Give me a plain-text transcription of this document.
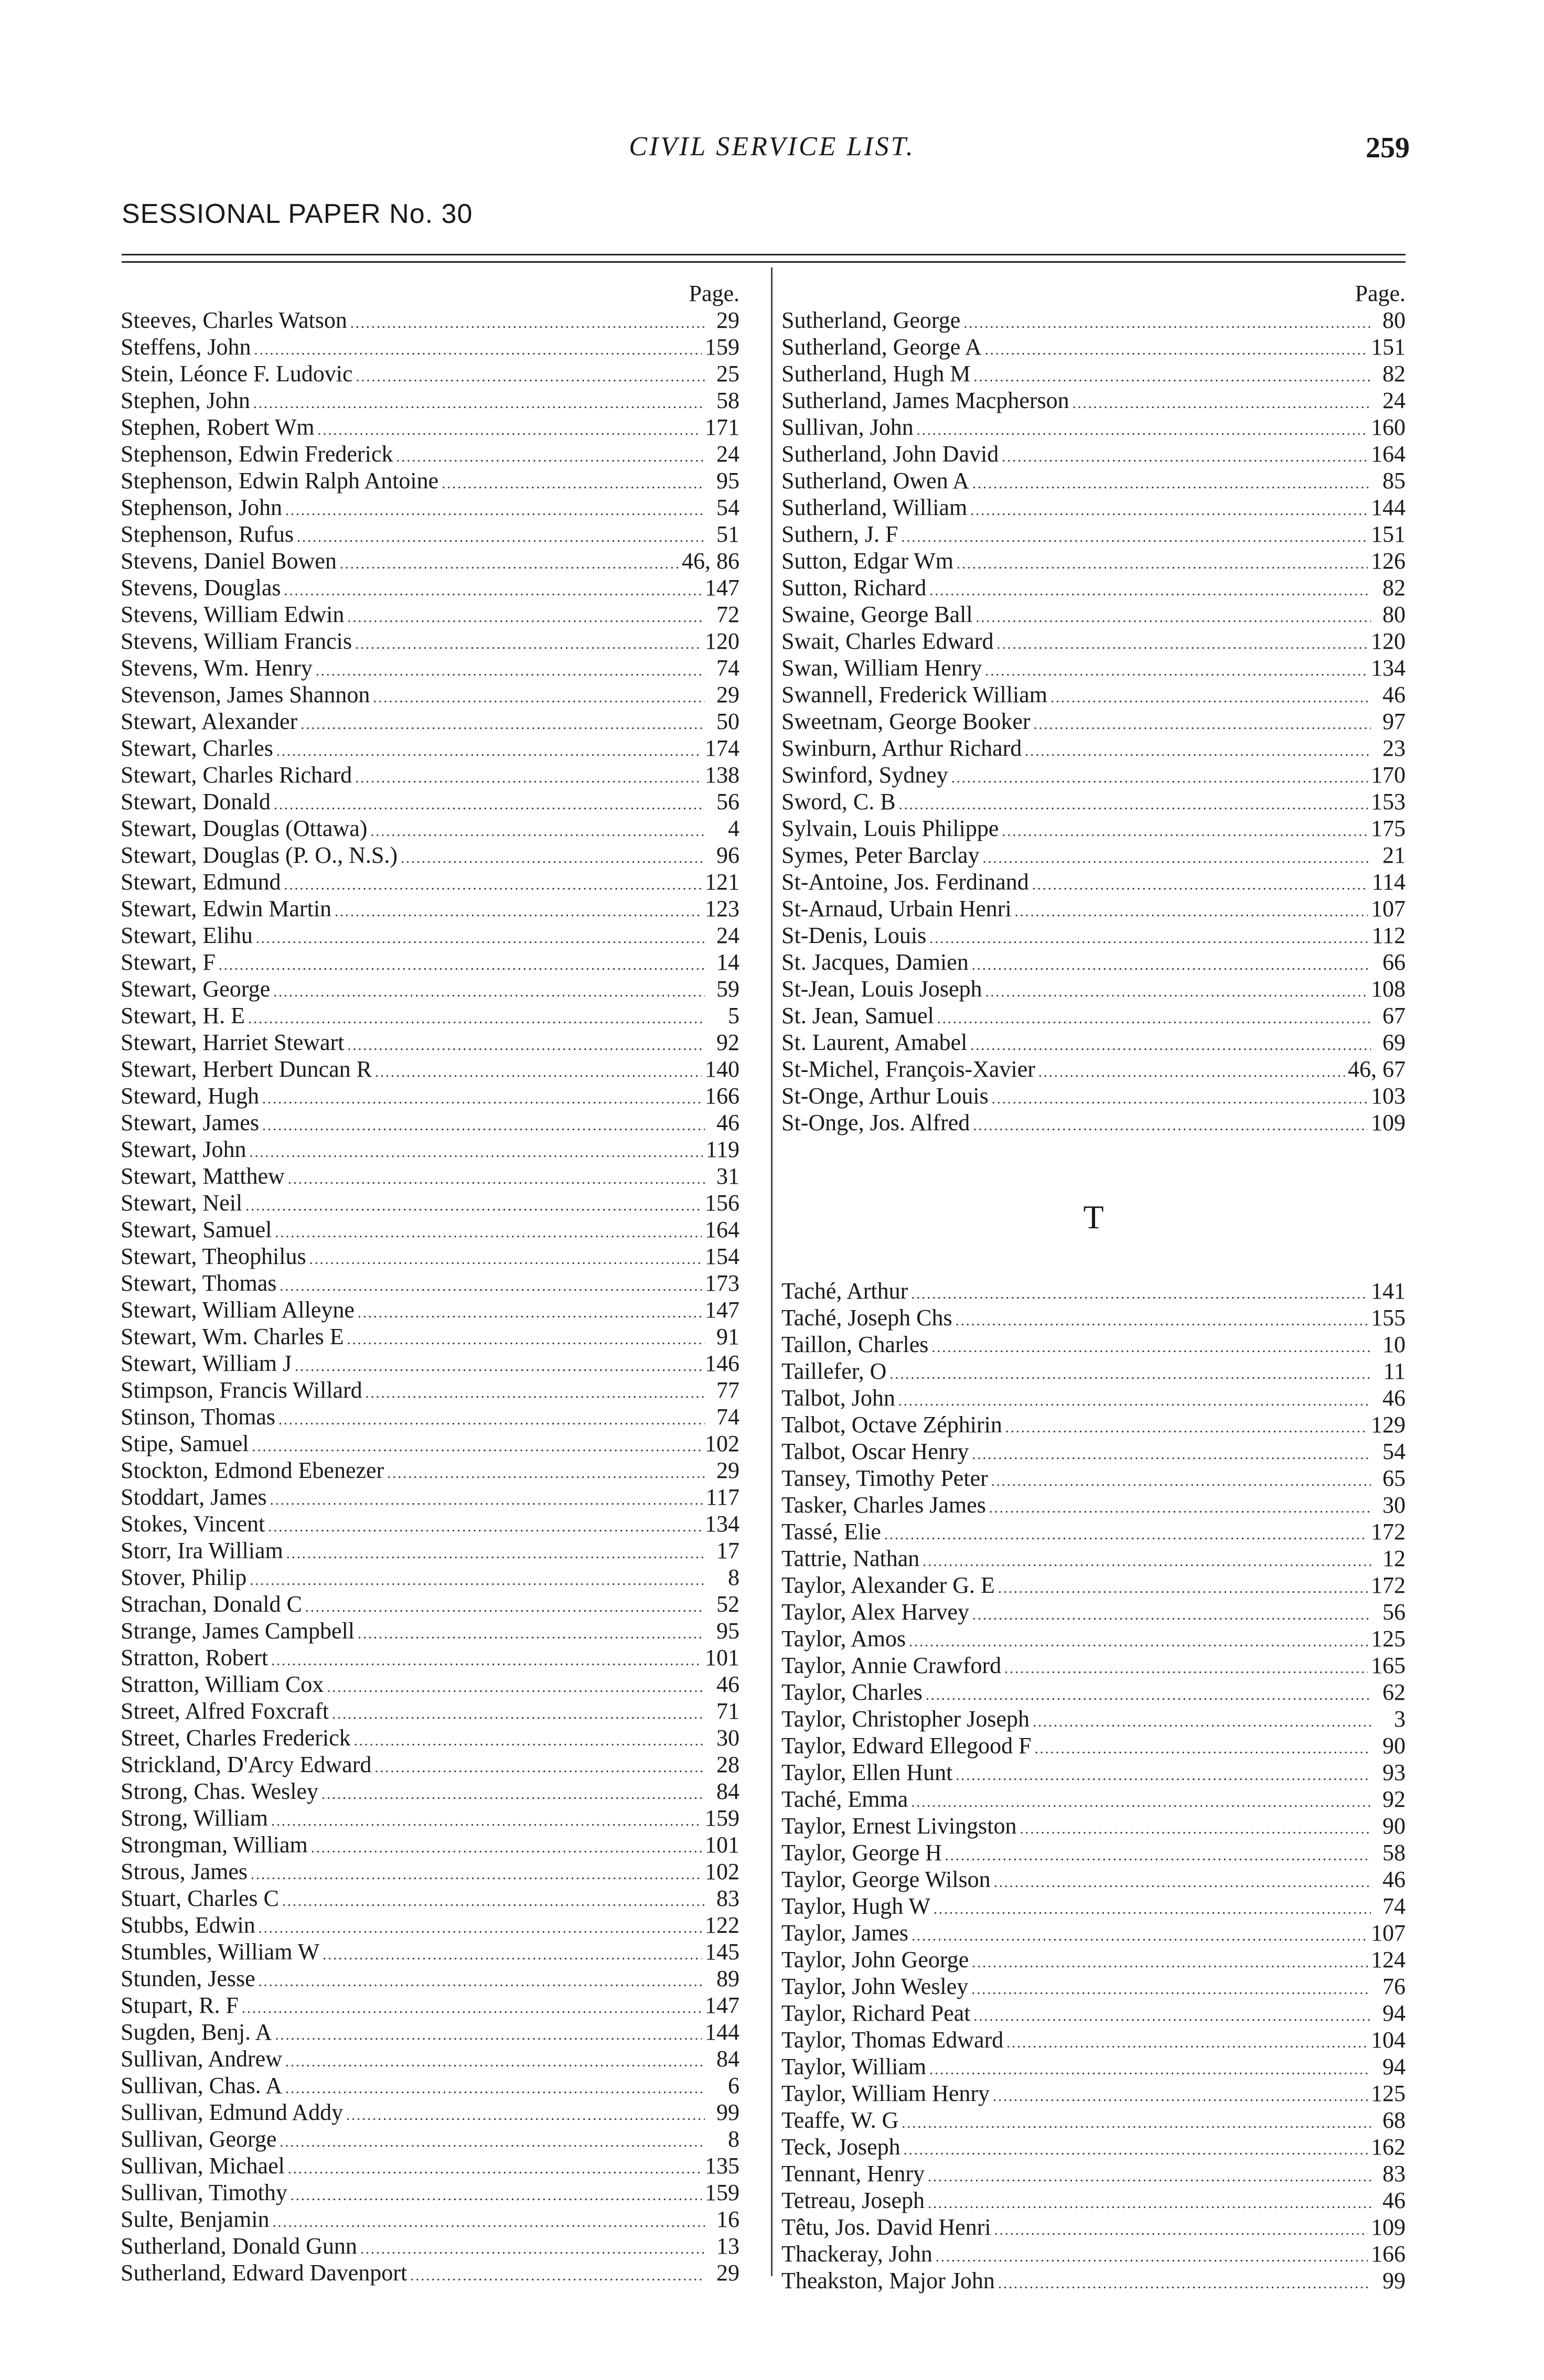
CIVIL SERVICE LIST.	259
SESSIONAL PAPER No. 30
Page.
Steeves, Charles Watson .....	29
Steffens, John .....	159
Stein, Léonce F. Ludovic .....	25
Stephen, John .....	58
Stephen, Robert Wm .....	171
Stephenson, Edwin Frederick .....	24
Stephenson, Edwin Ralph Antoine .....	95
Stephenson, John .....	54
Stephenson, Rufus .....	51
Stevens, Daniel Bowen .....	46, 86
Stevens, Douglas .....	147
Stevens, William Edwin .....	72
Stevens, William Francis .....	120
Stevens, Wm. Henry .....	74
Stevenson, James Shannon .....	29
Stewart, Alexander .....	50
Stewart, Charles .....	174
Stewart, Charles Richard .....	138
Stewart, Donald .....	56
Stewart, Douglas (Ottawa) .....	4
Stewart, Douglas (P. O., N.S.) .....	96
Stewart, Edmund .....	121
Stewart, Edwin Martin .....	123
Stewart, Elihu .....	24
Stewart, F .....	14
Stewart, George .....	59
Stewart, H. E .....	5
Stewart, Harriet Stewart .....	92
Stewart, Herbert Duncan R .....	140
Steward, Hugh .....	166
Stewart, James .....	46
Stewart, John .....	119
Stewart, Matthew .....	31
Stewart, Neil .....	156
Stewart, Samuel .....	164
Stewart, Theophilus .....	154
Stewart, Thomas .....	173
Stewart, William Alleyne .....	147
Stewart, Wm. Charles E .....	91
Stewart, William J .....	146
Stimpson, Francis Willard .....	77
Stinson, Thomas .....	74
Stipe, Samuel .....	102
Stockton, Edmond Ebenezer .....	29
Stoddart, James .....	117
Stokes, Vincent .....	134
Storr, Ira William .....	17
Stover, Philip .....	8
Strachan, Donald C .....	52
Strange, James Campbell .....	95
Stratton, Robert .....	101
Stratton, William Cox .....	46
Street, Alfred Foxcraft .....	71
Street, Charles Frederick .....	30
Strickland, D'Arcy Edward .....	28
Strong, Chas. Wesley .....	84
Strong, William .....	159
Strongman, William .....	101
Strous, James .....	102
Stuart, Charles C .....	83
Stubbs, Edwin .....	122
Stumbles, William W .....	145
Stunden, Jesse .....	89
Stupart, R. F .....	147
Sugden, Benj. A .....	144
Sullivan, Andrew .....	84
Sullivan, Chas. A .....	6
Sullivan, Edmund Addy .....	99
Sullivan, George .....	8
Sullivan, Michael .....	135
Sullivan, Timothy .....	159
Sulte, Benjamin .....	16
Sutherland, Donald Gunn .....	13
Sutherland, Edward Davenport .....	29
Page.
Sutherland, George .....	80
Sutherland, George A .....	151
Sutherland, Hugh M .....	82
Sutherland, James Macpherson .....	24
Sullivan, John .....	160
Sutherland, John David .....	164
Sutherland, Owen A .....	85
Sutherland, William .....	144
Suthern, J. F .....	151
Sutton, Edgar Wm .....	126
Sutton, Richard .....	82
Swaine, George Ball .....	80
Swait, Charles Edward .....	120
Swan, William Henry .....	134
Swannell, Frederick William .....	46
Sweetnam, George Booker .....	97
Swinburn, Arthur Richard .....	23
Swinford, Sydney .....	170
Sword, C. B .....	153
Sylvain, Louis Philippe .....	175
Symes, Peter Barclay .....	21
St-Antoine, Jos. Ferdinand .....	114
St-Arnaud, Urbain Henri .....	107
St-Denis, Louis .....	112
St. Jacques, Damien .....	66
St-Jean, Louis Joseph .....	108
St. Jean, Samuel .....	67
St. Laurent, Amabel .....	69
St-Michel, François-Xavier .....	46, 67
St-Onge, Arthur Louis .....	103
St-Onge, Jos. Alfred .....	109
T
Taché, Arthur .....	141
Taché, Joseph Chs .....	155
Taillon, Charles .....	10
Taillefer, O .....	11
Talbot, John .....	46
Talbot, Octave Zéphirin .....	129
Talbot, Oscar Henry .....	54
Tansey, Timothy Peter .....	65
Tasker, Charles James .....	30
Tassé, Elie .....	172
Tattrie, Nathan .....	12
Taylor, Alexander G. E .....	172
Taylor, Alex Harvey .....	56
Taylor, Amos .....	125
Taylor, Annie Crawford .....	165
Taylor, Charles .....	62
Taylor, Christopher Joseph .....	3
Taylor, Edward Ellegood F .....	90
Taylor, Ellen Hunt .....	93
Taché, Emma .....	92
Taylor, Ernest Livingston .....	90
Taylor, George H .....	58
Taylor, George Wilson .....	46
Taylor, Hugh W .....	74
Taylor, James .....	107
Taylor, John George .....	124
Taylor, John Wesley .....	76
Taylor, Richard Peat .....	94
Taylor, Thomas Edward .....	104
Taylor, William .....	94
Taylor, William Henry .....	125
Teaffe, W. G .....	68
Teck, Joseph .....	162
Tennant, Henry .....	83
Tetreau, Joseph .....	46
Têtu, Jos. David Henri .....	109
Thackeray, John .....	166
Theakston, Major John .....	99
